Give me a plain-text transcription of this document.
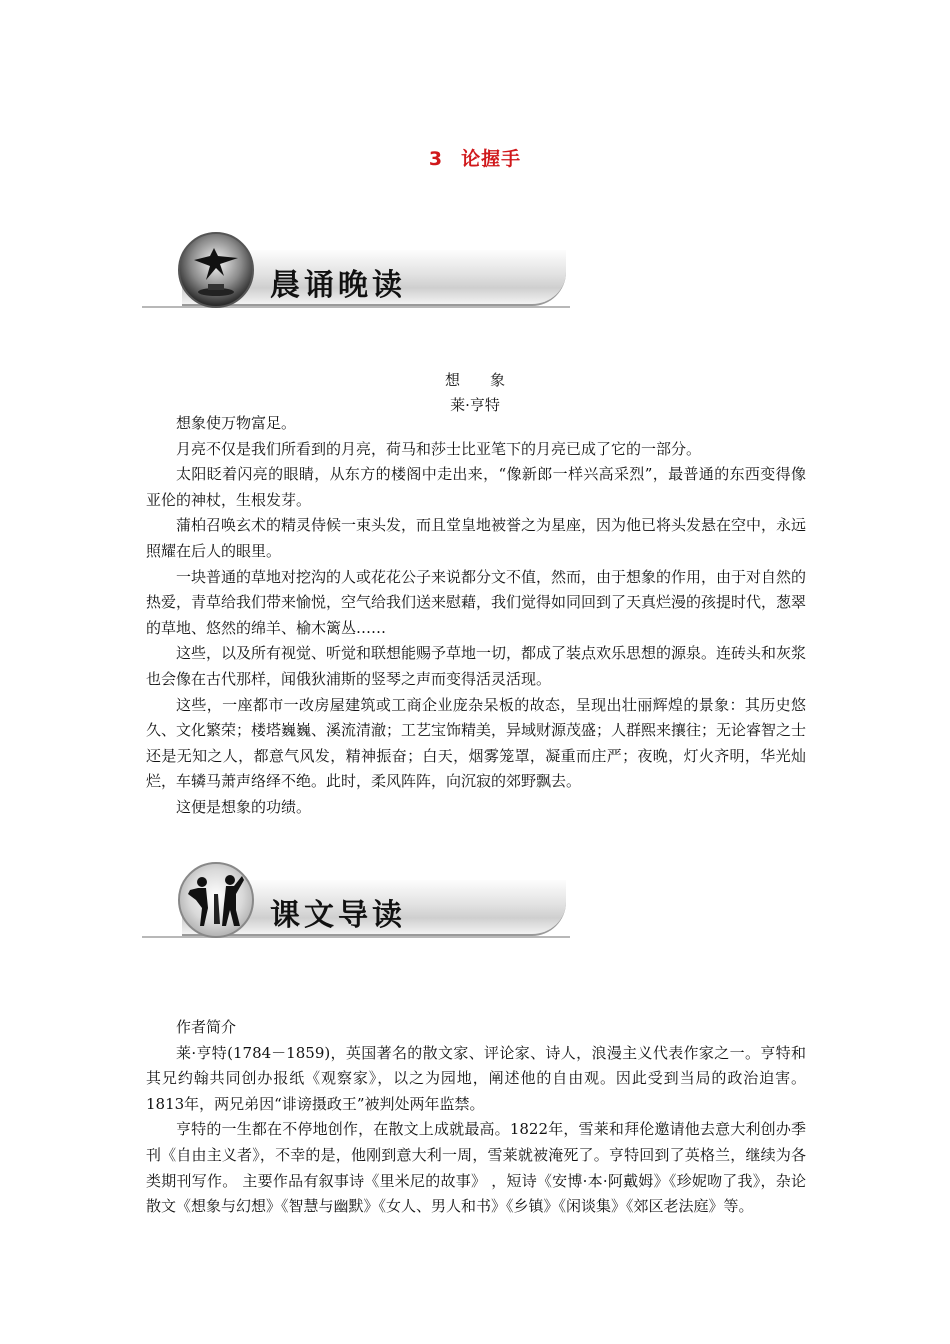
3 论握手
晨诵晚读
想　　象
莱·亨特

想象使万物富足。

月亮不仅是我们所看到的月亮，荷马和莎士比亚笔下的月亮已成了它的一部分。

太阳眨着闪亮的眼睛，从东方的楼阁中走出来，“像新郎一样兴高采烈”，最普通的东西变得像亚伦的神杖，生根发芽。

蒲柏召唤玄术的精灵侍候一束头发，而且堂皇地被誉之为星座，因为他已将头发悬在空中，永远照耀在后人的眼里。

一块普通的草地对挖沟的人或花花公子来说都分文不值，然而，由于想象的作用，由于对自然的热爱，青草给我们带来愉悦，空气给我们送来慰藉，我们觉得如同回到了天真烂漫的孩提时代，葱翠的草地、悠然的绵羊、榆木篱丛……

这些，以及所有视觉、听觉和联想能赐予草地一切，都成了装点欢乐思想的源泉。连砖头和灰浆也会像在古代那样，闻俄狄浦斯的竖琴之声而变得活灵活现。

这些，一座都市一改房屋建筑或工商企业庞杂呆板的故态，呈现出壮丽辉煌的景象：其历史悠久、文化繁荣；楼塔巍巍、溪流清澈；工艺宝饰精美，异域财源茂盛；人群熙来攘往；无论睿智之士还是无知之人，都意气风发，精神振奋；白天，烟雾笼罩，凝重而庄严；夜晚，灯火齐明，华光灿烂，车辚马萧声络绎不绝。此时，柔风阵阵，向沉寂的郊野飘去。

这便是想象的功绩。

课文导读

作者简介

莱·亨特(1784－1859)，英国著名的散文家、评论家、诗人，浪漫主义代表作家之一。亨特和其兄约翰共同创办报纸《观察家》，以之为园地，阐述他的自由观。因此受到当局的政治迫害。1813年，两兄弟因“诽谤摄政王”被判处两年监禁。

亨特的一生都在不停地创作，在散文上成就最高。1822年，雪莱和拜伦邀请他去意大利创办季刊《自由主义者》，不幸的是，他刚到意大利一周，雪莱就被淹死了。亨特回到了英格兰，继续为各类期刊写作。 主要作品有叙事诗《里米尼的故事》 ，短诗《安博·本·阿戴姆》《珍妮吻了我》，杂论散文《想象与幻想》《智慧与幽默》《女人、男人和书》《乡镇》《闲谈集》《郊区老法庭》等。
